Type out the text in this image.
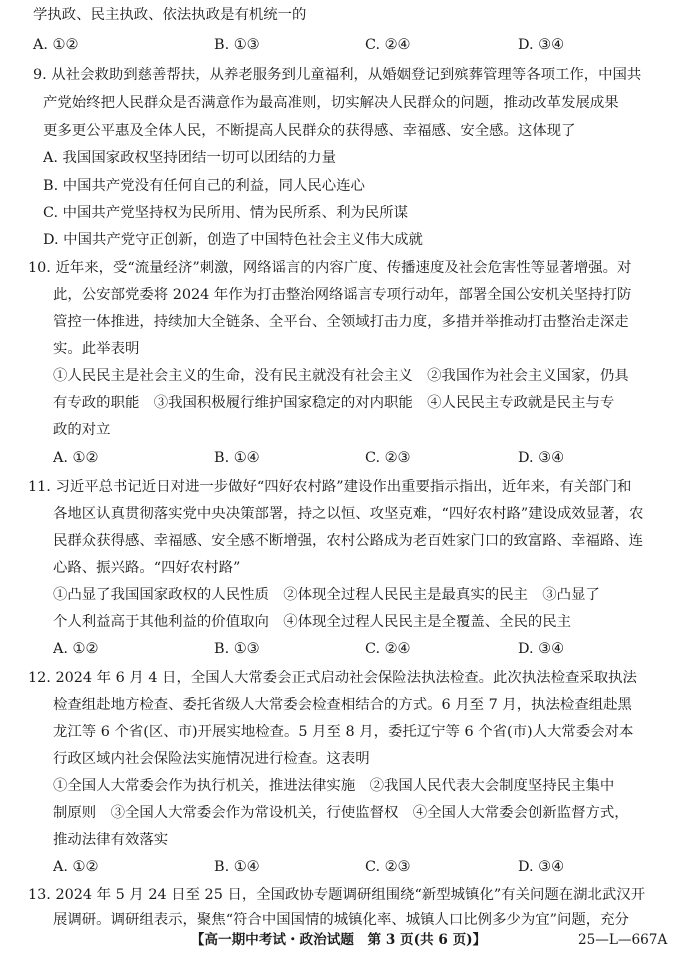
学执政、民主执政、依法执政是有机统一的
A. ①②	B. ①③	C. ②④	D. ③④
9. 从社会救助到慈善帮扶，从养老服务到儿童福利，从婚姻登记到殡葬管理等各项工作，中国共
产党始终把人民群众是否满意作为最高准则，切实解决人民群众的问题，推动改革发展成果
更多更公平惠及全体人民，不断提高人民群众的获得感、幸福感、安全感。这体现了
A. 我国国家政权坚持团结一切可以团结的力量
B. 中国共产党没有任何自己的利益，同人民心连心
C. 中国共产党坚持权为民所用、情为民所系、利为民所谋
D. 中国共产党守正创新，创造了中国特色社会主义伟大成就
10. 近年来，受“流量经济”刺激，网络谣言的内容广度、传播速度及社会危害性等显著增强。对
此，公安部党委将 2024 年作为打击整治网络谣言专项行动年，部署全国公安机关坚持打防
管控一体推进，持续加大全链条、全平台、全领域打击力度，多措并举推动打击整治走深走
实。此举表明
①人民民主是社会主义的生命，没有民主就没有社会主义　②我国作为社会主义国家，仍具
有专政的职能　③我国积极履行维护国家稳定的对内职能　④人民民主专政就是民主与专
政的对立
A. ①②	B. ①④	C. ②③	D. ③④
11. 习近平总书记近日对进一步做好“四好农村路”建设作出重要指示指出，近年来，有关部门和
各地区认真贯彻落实党中央决策部署，持之以恒、攻坚克难，“四好农村路”建设成效显著，农
民群众获得感、幸福感、安全感不断增强，农村公路成为老百姓家门口的致富路、幸福路、连
心路、振兴路。“四好农村路”
①凸显了我国国家政权的人民性质　②体现全过程人民民主是最真实的民主　③凸显了
个人利益高于其他利益的价值取向　④体现全过程人民民主是全覆盖、全民的民主
A. ①②	B. ①③	C. ②④	D. ③④
12. 2024 年 6 月 4 日，全国人大常委会正式启动社会保险法执法检查。此次执法检查采取执法
检查组赴地方检查、委托省级人大常委会检查相结合的方式。6 月至 7 月，执法检查组赴黑
龙江等 6 个省(区、市)开展实地检查。5 月至 8 月，委托辽宁等 6 个省(市)人大常委会对本
行政区域内社会保险法实施情况进行检查。这表明
①全国人大常委会作为执行机关，推进法律实施　②我国人民代表大会制度坚持民主集中
制原则　③全国人大常委会作为常设机关，行使监督权　④全国人大常委会创新监督方式，
推动法律有效落实
A. ①②	B. ①④	C. ②③	D. ③④
13. 2024 年 5 月 24 日至 25 日，全国政协专题调研组围绕“新型城镇化”有关问题在湖北武汉开
展调研。调研组表示，聚焦“符合中国国情的城镇化率、城镇人口比例多少为宜”问题，充分
【高一期中考试・政治试题　第 3 页(共 6 页)】	25—L—667A
